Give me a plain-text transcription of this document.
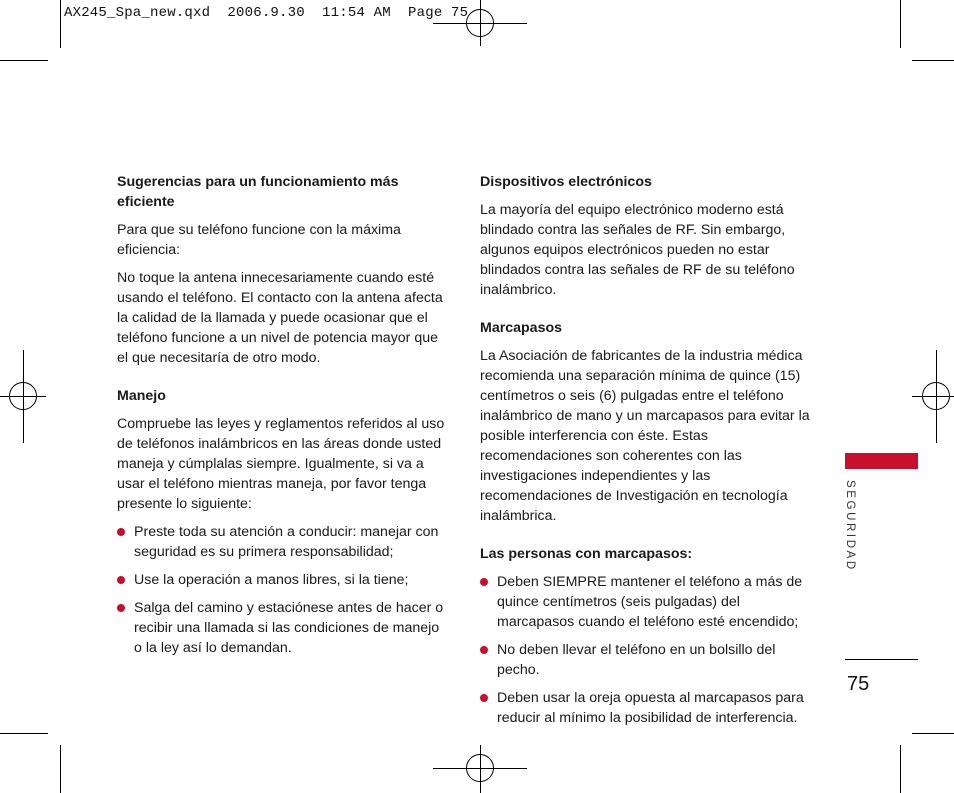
AX245_Spa_new.qxd  2006.9.30  11:54 AM  Page 75
Sugerencias para un funcionamiento más eficiente

Para que su teléfono funcione con la máxima eficiencia:

No toque la antena innecesariamente cuando esté usando el teléfono. El contacto con la antena afecta la calidad de la llamada y puede ocasionar que el teléfono funcione a un nivel de potencia mayor que el que necesitaría de otro modo.

Manejo

Compruebe las leyes y reglamentos referidos al uso de teléfonos inalámbricos en las áreas donde usted maneja y cúmplalas siempre. Igualmente, si va a usar el teléfono mientras maneja, por favor tenga presente lo siguiente:

Preste toda su atención a conducir: manejar con seguridad es su primera responsabilidad;
Use la operación a manos libres, si la tiene;
Salga del camino y estaciónese antes de hacer o recibir una llamada si las condiciones de manejo o la ley así lo demandan.
Dispositivos electrónicos

La mayoría del equipo electrónico moderno está blindado contra las señales de RF. Sin embargo, algunos equipos electrónicos pueden no estar blindados contra las señales de RF de su teléfono inalámbrico.

Marcapasos

La Asociación de fabricantes de la industria médica recomienda una separación mínima de quince (15) centímetros o seis (6) pulgadas entre el teléfono inalámbrico de mano y un marcapasos para evitar la posible interferencia con éste. Estas recomendaciones son coherentes con las investigaciones independientes y las recomendaciones de Investigación en tecnología inalámbrica.

Las personas con marcapasos:
Deben SIEMPRE mantener el teléfono a más de quince centímetros (seis pulgadas) del marcapasos cuando el teléfono esté encendido;
No deben llevar el teléfono en un bolsillo del pecho.
Deben usar la oreja opuesta al marcapasos para reducir al mínimo la posibilidad de interferencia.
SEGURIDAD
75
